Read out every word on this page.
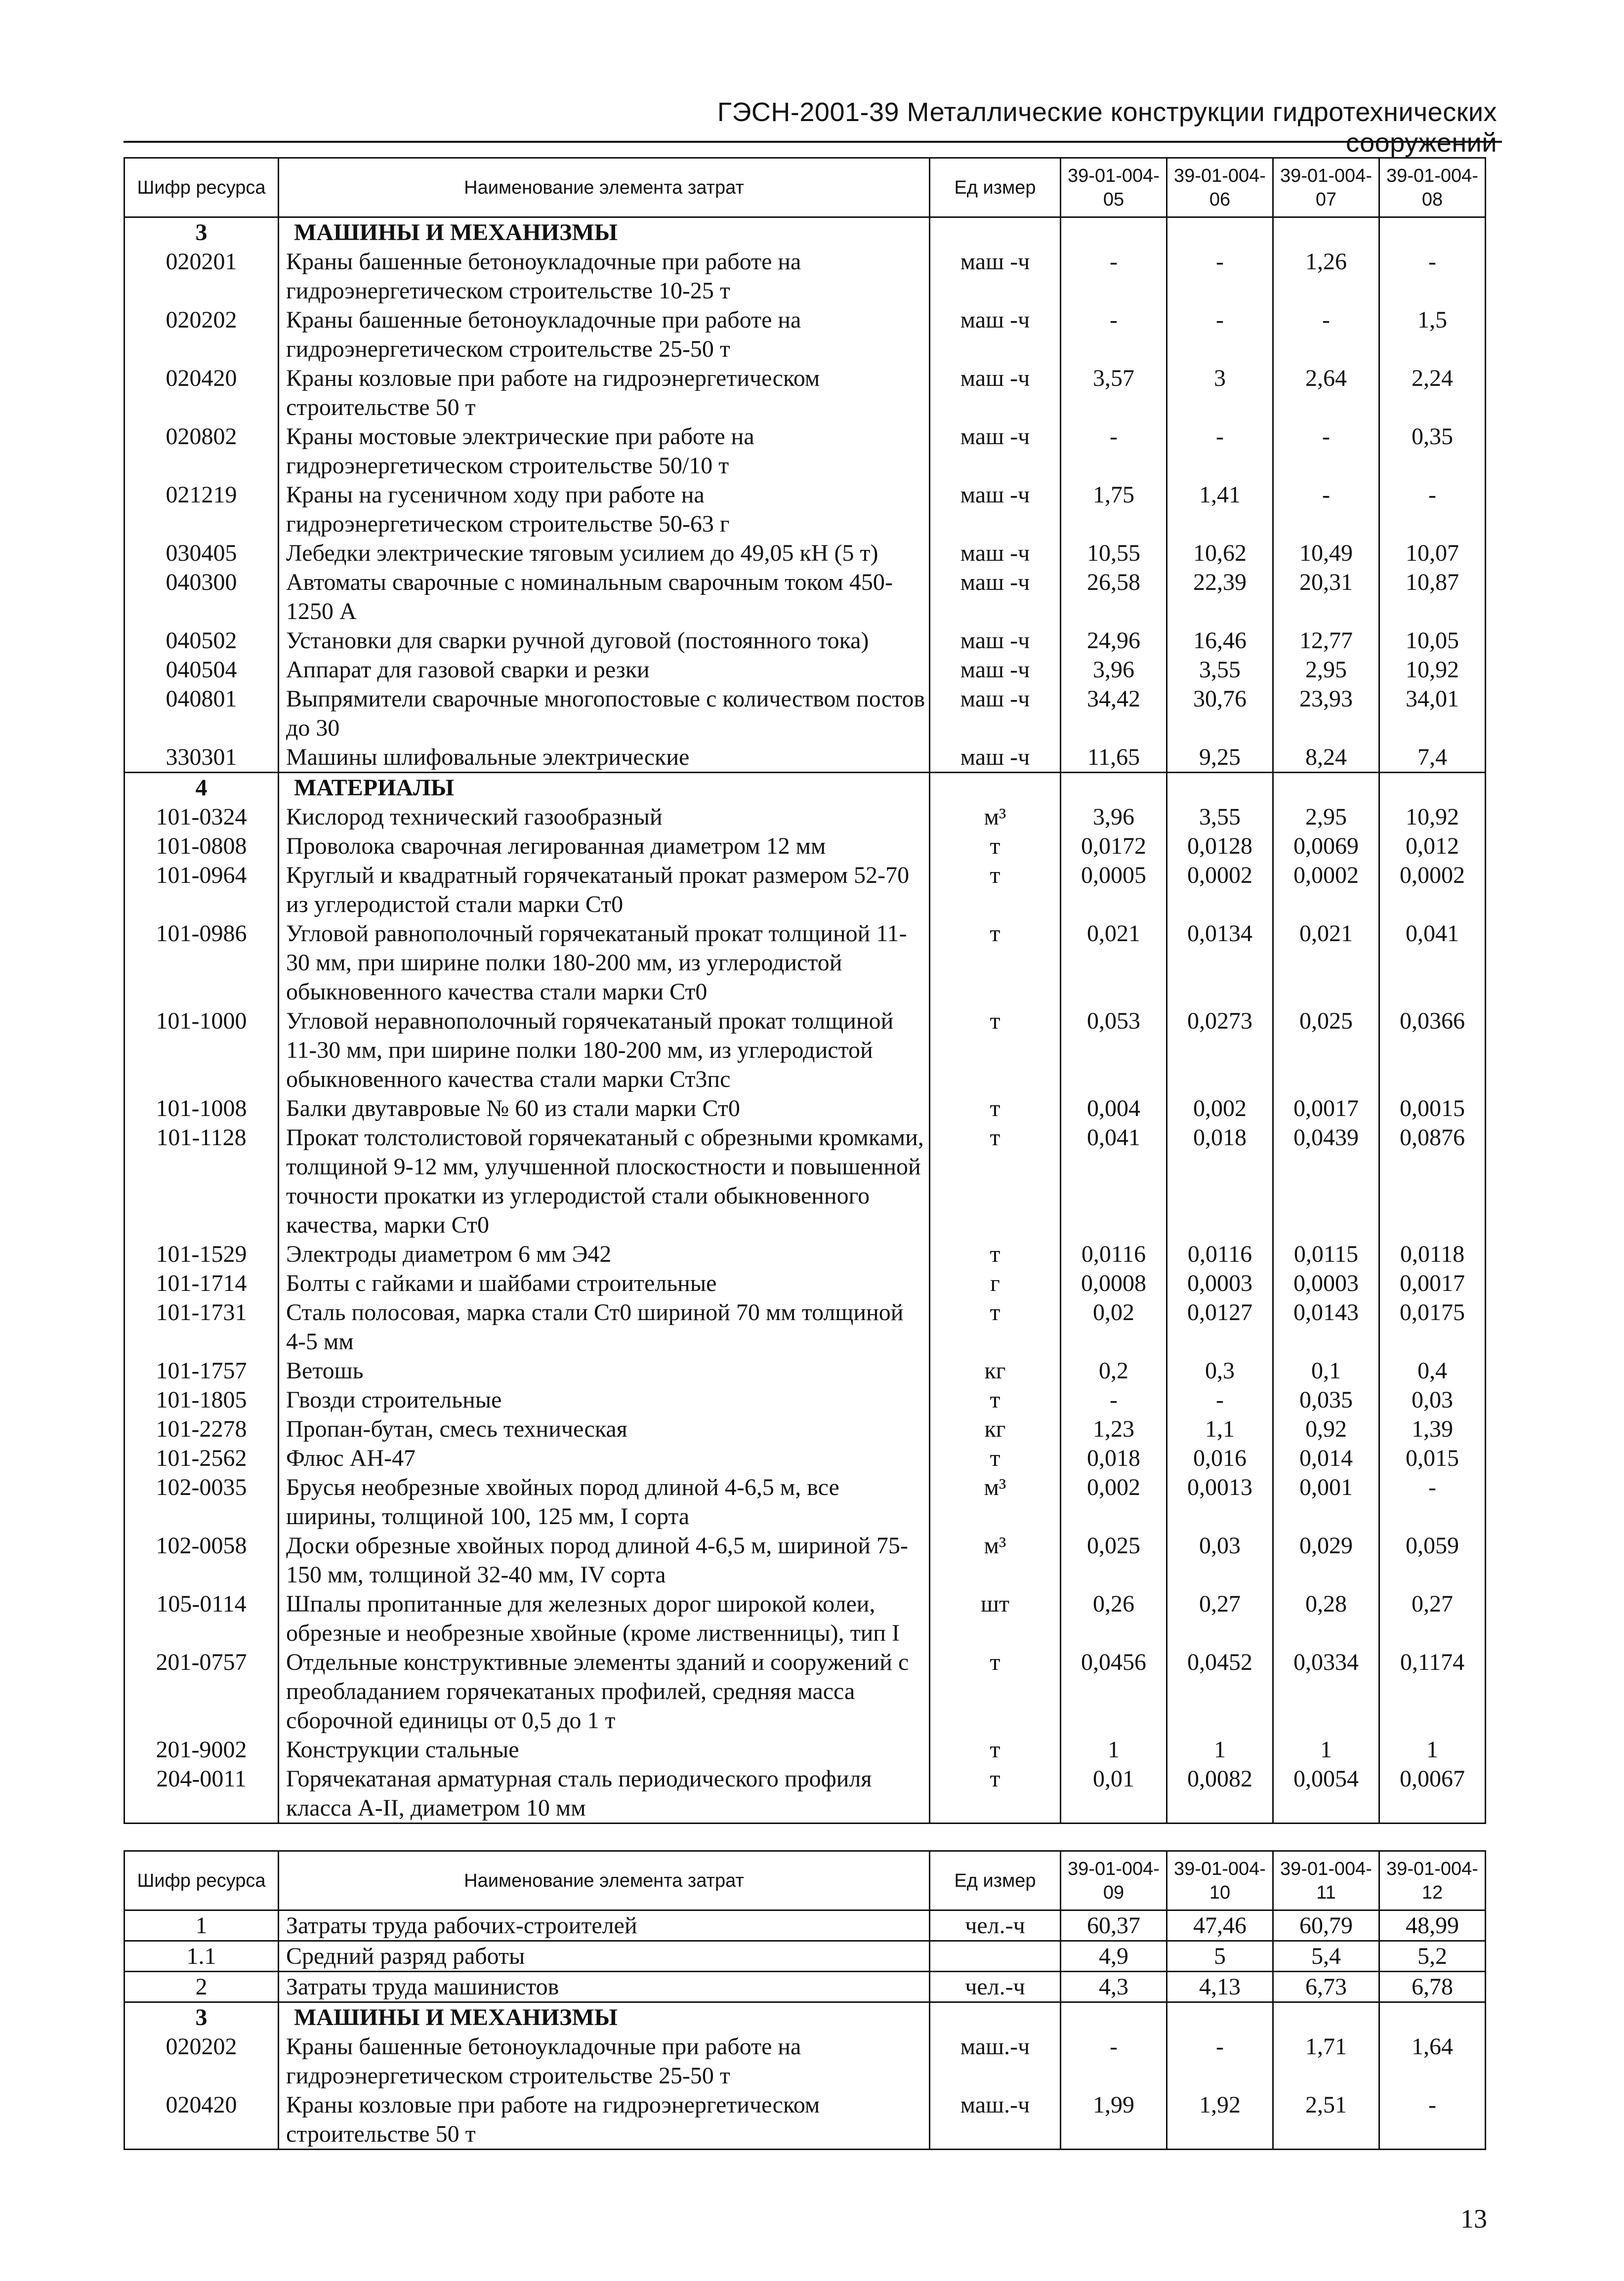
ГЭСН-2001-39 Металлические конструкции гидротехнических сооружений
Шифр ресурса	Наименование элемента затрат	Ед измер	39-01-004-05	39-01-004-06	39-01-004-07	39-01-004-08
3	МАШИНЫ И МЕХАНИЗМЫ					
020201	Краны башенные бетоноукладочные при работе на гидроэнергетическом строительстве 10-25 т	маш -ч	-	-	1,26	-
020202	Краны башенные бетоноукладочные при работе на гидроэнергетическом строительстве 25-50 т	маш -ч	-	-	-	1,5
020420	Краны козловые при работе на гидроэнергетическом строительстве 50 т	маш -ч	3,57	3	2,64	2,24
020802	Краны мостовые электрические при работе на гидроэнергетическом строительстве 50/10 т	маш -ч	-	-	-	0,35
021219	Краны на гусеничном ходу при работе на гидроэнергетическом строительстве 50-63 г	маш -ч	1,75	1,41	-	-
030405	Лебедки электрические тяговым усилием до 49,05 кН (5 т)	маш -ч	10,55	10,62	10,49	10,07
040300	Автоматы сварочные с номинальным сварочным током 450-1250 А	маш -ч	26,58	22,39	20,31	10,87
040502	Установки для сварки ручной дуговой (постоянного тока)	маш -ч	24,96	16,46	12,77	10,05
040504	Аппарат для газовой сварки и резки	маш -ч	3,96	3,55	2,95	10,92
040801	Выпрямители сварочные многопостовые с количеством постов до 30	маш -ч	34,42	30,76	23,93	34,01
330301	Машины шлифовальные электрические	маш -ч	11,65	9,25	8,24	7,4
4	МАТЕРИАЛЫ					
101-0324	Кислород технический газообразный	м³	3,96	3,55	2,95	10,92
101-0808	Проволока сварочная легированная диаметром 12 мм	т	0,0172	0,0128	0,0069	0,012
101-0964	Круглый и квадратный горячекатаный прокат размером 52-70 из углеродистой стали марки Ст0	т	0,0005	0,0002	0,0002	0,0002
101-0986	Угловой равнополочный горячекатаный прокат толщиной 11-30 мм, при ширине полки 180-200 мм, из углеродистой обыкновенного качества стали марки Ст0	т	0,021	0,0134	0,021	0,041
101-1000	Угловой неравнополочный горячекатаный прокат толщиной 11-30 мм, при ширине полки 180-200 мм, из углеродистой обыкновенного качества стали марки Ст3пс	т	0,053	0,0273	0,025	0,0366
101-1008	Балки двутавровые № 60 из стали марки Ст0	т	0,004	0,002	0,0017	0,0015
101-1128	Прокат толстолистовой горячекатаный с обрезными кромками, толщиной 9-12 мм, улучшенной плоскостности и повышенной точности прокатки из углеродистой стали обыкновенного качества, марки Ст0	т	0,041	0,018	0,0439	0,0876
101-1529	Электроды диаметром 6 мм Э42	т	0,0116	0,0116	0,0115	0,0118
101-1714	Болты с гайками и шайбами строительные	г	0,0008	0,0003	0,0003	0,0017
101-1731	Сталь полосовая, марка стали Ст0 шириной 70 мм толщиной 4-5 мм	т	0,02	0,0127	0,0143	0,0175
101-1757	Ветошь	кг	0,2	0,3	0,1	0,4
101-1805	Гвозди строительные	т	-	-	0,035	0,03
101-2278	Пропан-бутан, смесь техническая	кг	1,23	1,1	0,92	1,39
101-2562	Флюс АН-47	т	0,018	0,016	0,014	0,015
102-0035	Брусья необрезные хвойных пород длиной 4-6,5 м, все ширины, толщиной 100, 125 мм, I сорта	м³	0,002	0,0013	0,001	-
102-0058	Доски обрезные хвойных пород длиной 4-6,5 м, шириной 75-150 мм, толщиной 32-40 мм, IV сорта	м³	0,025	0,03	0,029	0,059
105-0114	Шпалы пропитанные для железных дорог широкой колеи, обрезные и необрезные хвойные (кроме лиственницы), тип I	шт	0,26	0,27	0,28	0,27
201-0757	Отдельные конструктивные элементы зданий и сооружений с преобладанием горячекатаных профилей, средняя масса сборочной единицы от 0,5 до 1 т	т	0,0456	0,0452	0,0334	0,1174
201-9002	Конструкции стальные	т	1	1	1	1
204-0011	Горячекатаная арматурная сталь периодического профиля класса А-II, диаметром 10 мм	т	0,01	0,0082	0,0054	0,0067
Шифр ресурса	Наименование элемента затрат	Ед измер	39-01-004-09	39-01-004-10	39-01-004-11	39-01-004-12
1	Затраты труда рабочих-строителей	чел.-ч	60,37	47,46	60,79	48,99
1.1	Средний разряд работы		4,9	5	5,4	5,2
2	Затраты труда машинистов	чел.-ч	4,3	4,13	6,73	6,78
3	МАШИНЫ И МЕХАНИЗМЫ					
020202	Краны башенные бетоноукладочные при работе на гидроэнергетическом строительстве 25-50 т	маш.-ч	-	-	1,71	1,64
020420	Краны козловые при работе на гидроэнергетическом строительстве 50 т	маш.-ч	1,99	1,92	2,51	-
13
